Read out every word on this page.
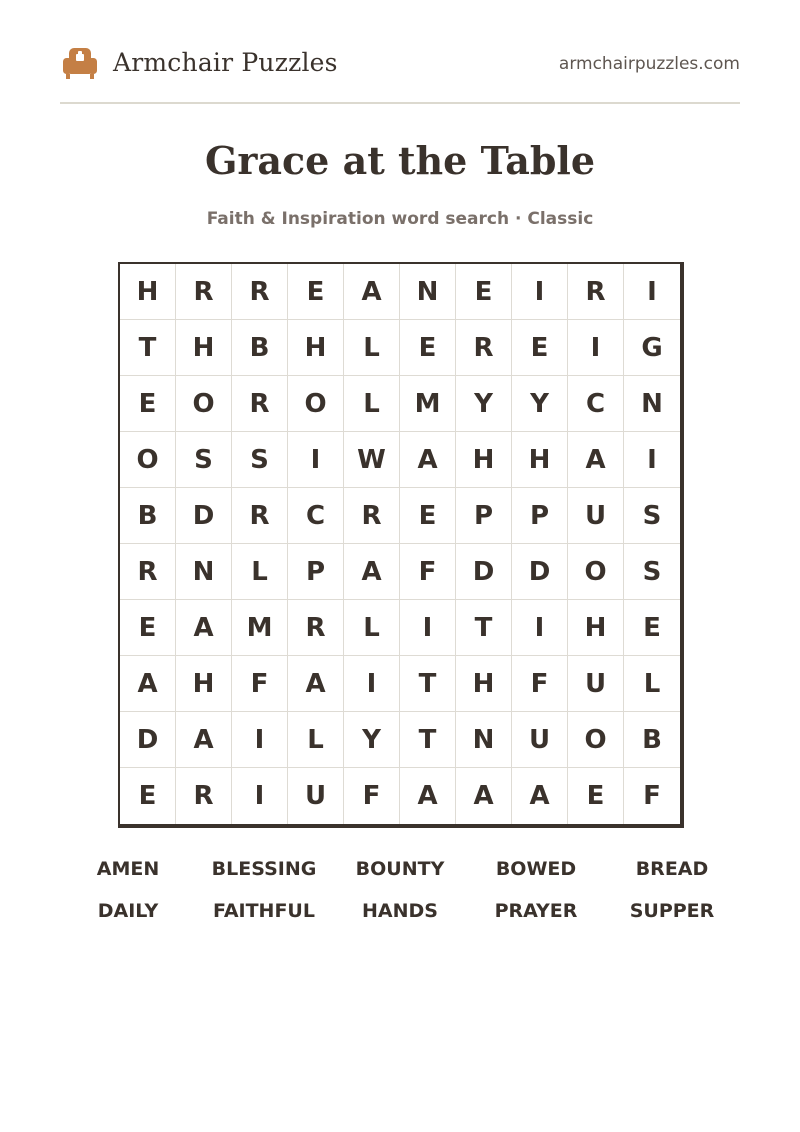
Armchair Puzzles	armchairpuzzles.com
Grace at the Table
Faith & Inspiration word search · Classic
H	R	R	E	A	N	E	I	R	I
T	H	B	H	L	E	R	E	I	G
E	O	R	O	L	M	Y	Y	C	N
O	S	S	I	W	A	H	H	A	I
B	D	R	C	R	E	P	P	U	S
R	N	L	P	A	F	D	D	O	S
E	A	M	R	L	I	T	I	H	E
A	H	F	A	I	T	H	F	U	L
D	A	I	L	Y	T	N	U	O	B
E	R	I	U	F	A	A	A	E	F
AMEN	BLESSING	BOUNTY	BOWED	BREAD
DAILY	FAITHFUL	HANDS	PRAYER	SUPPER
